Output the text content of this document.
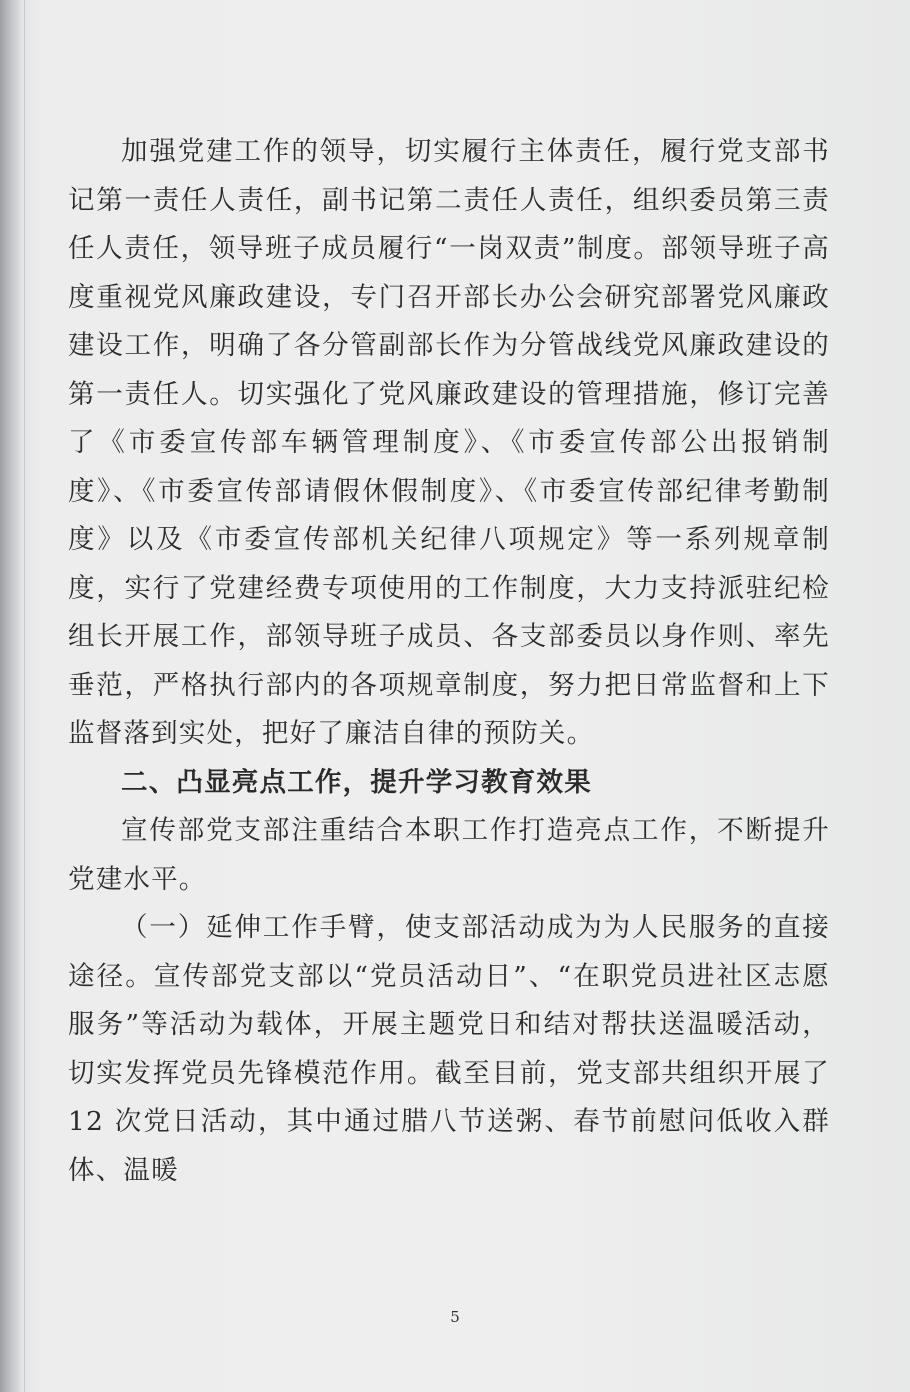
加强党建工作的领导，切实履行主体责任，履行党支部书记第一责任人责任，副书记第二责任人责任，组织委员第三责任人责任，领导班子成员履行“一岗双责”制度。部领导班子高度重视党风廉政建设，专门召开部长办公会研究部署党风廉政建设工作，明确了各分管副部长作为分管战线党风廉政建设的第一责任人。切实强化了党风廉政建设的管理措施，修订完善了《市委宣传部车辆管理制度》、《市委宣传部公出报销制度》、《市委宣传部请假休假制度》、《市委宣传部纪律考勤制度》以及《市委宣传部机关纪律八项规定》等一系列规章制度，实行了党建经费专项使用的工作制度，大力支持派驻纪检组长开展工作，部领导班子成员、各支部委员以身作则、率先垂范，严格执行部内的各项规章制度，努力把日常监督和上下监督落到实处，把好了廉洁自律的预防关。

二、凸显亮点工作，提升学习教育效果

宣传部党支部注重结合本职工作打造亮点工作，不断提升党建水平。

（一）延伸工作手臂，使支部活动成为为人民服务的直接途径。宣传部党支部以“党员活动日”、“在职党员进社区志愿服务”等活动为载体，开展主题党日和结对帮扶送温暖活动，切实发挥党员先锋模范作用。截至目前，党支部共组织开展了 12 次党日活动，其中通过腊八节送粥、春节前慰问低收入群体、温暖

5
